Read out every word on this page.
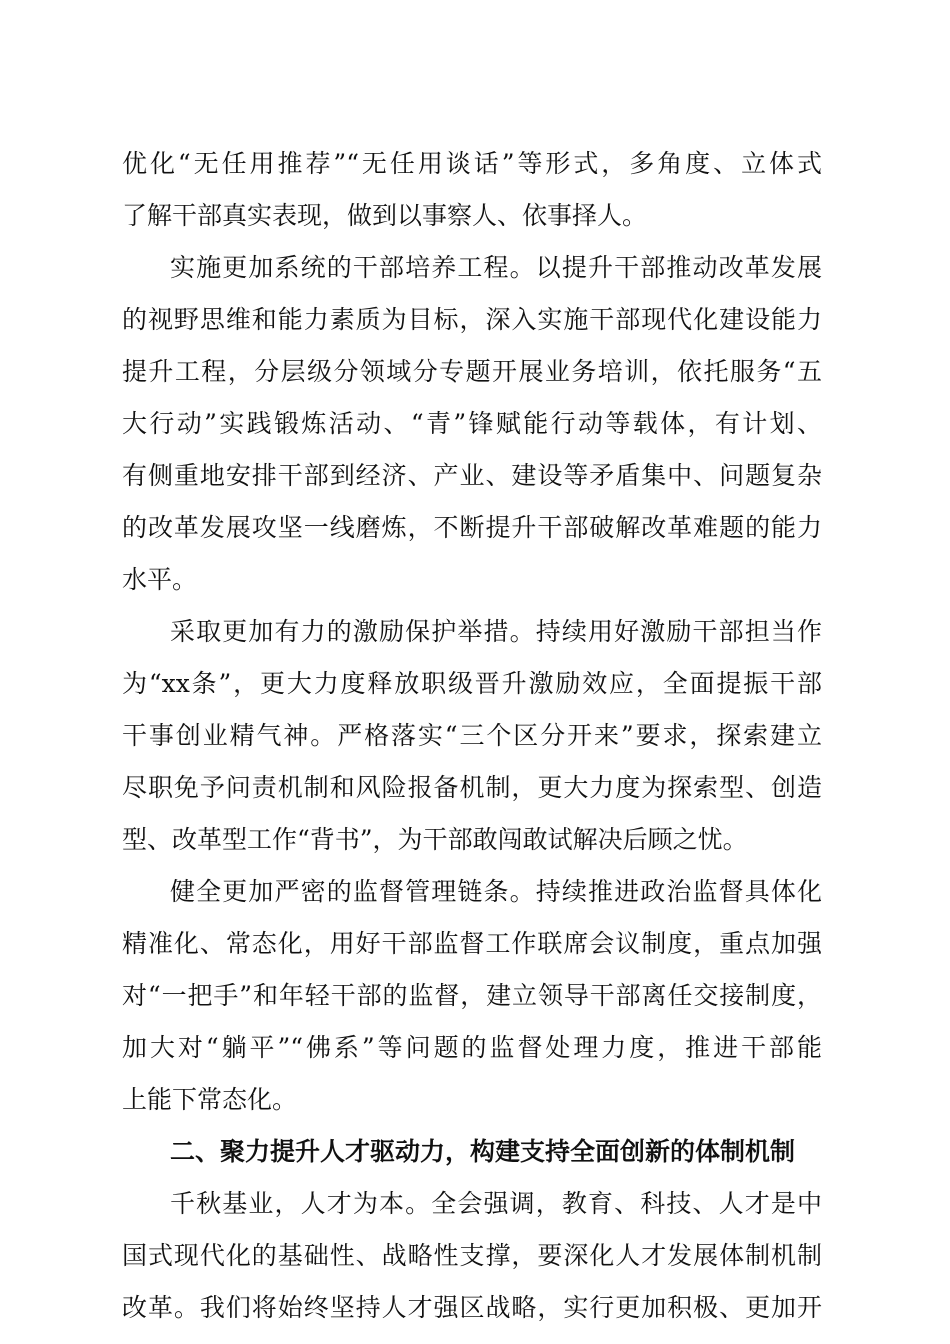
优化“无任用推荐”“无任用谈话”等形式，多角度、立体式
了解干部真实表现，做到以事察人、依事择人。
实施更加系统的干部培养工程。以提升干部推动改革发展
的视野思维和能力素质为目标，深入实施干部现代化建设能力
提升工程，分层级分领域分专题开展业务培训，依托服务“五
大行动”实践锻炼活动、“青”锋赋能行动等载体，有计划、
有侧重地安排干部到经济、产业、建设等矛盾集中、问题复杂
的改革发展攻坚一线磨炼，不断提升干部破解改革难题的能力
水平。
采取更加有力的激励保护举措。持续用好激励干部担当作
为“xx条”，更大力度释放职级晋升激励效应，全面提振干部
干事创业精气神。严格落实“三个区分开来”要求，探索建立
尽职免予问责机制和风险报备机制，更大力度为探索型、创造
型、改革型工作“背书”，为干部敢闯敢试解决后顾之忧。
健全更加严密的监督管理链条。持续推进政治监督具体化
精准化、常态化，用好干部监督工作联席会议制度，重点加强
对“一把手”和年轻干部的监督，建立领导干部离任交接制度，
加大对“躺平”“佛系”等问题的监督处理力度，推进干部能
上能下常态化。
二、聚力提升人才驱动力，构建支持全面创新的体制机制
千秋基业，人才为本。全会强调，教育、科技、人才是中
国式现代化的基础性、战略性支撑，要深化人才发展体制机制
改革。我们将始终坚持人才强区战略，实行更加积极、更加开
